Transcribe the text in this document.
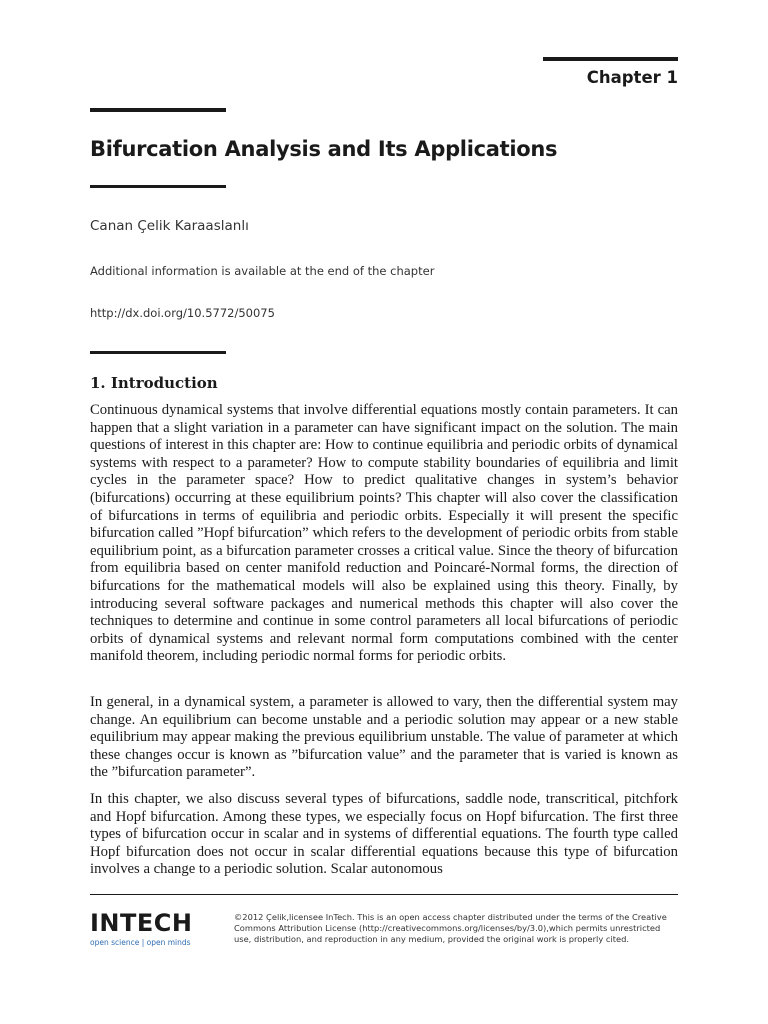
Chapter 1
Bifurcation Analysis and Its Applications
Canan Çelik Karaaslanlı
Additional information is available at the end of the chapter
http://dx.doi.org/10.5772/50075
1. Introduction

Continuous dynamical systems that involve differential equations mostly contain parameters. It can happen that a slight variation in a parameter can have significant impact on the solution. The main questions of interest in this chapter are: How to continue equilibria and periodic orbits of dynamical systems with respect to a parameter? How to compute stability boundaries of equilibria and limit cycles in the parameter space? How to predict qualitative changes in system’s behavior (bifurcations) occurring at these equilibrium points? This chapter will also cover the classification of bifurcations in terms of equilibria and periodic orbits. Especially it will present the specific bifurcation called ”Hopf bifurcation” which refers to the development of periodic orbits from stable equilibrium point, as a bifurcation parameter crosses a critical value. Since the theory of bifurcation from equilibria based on center manifold reduction and Poincaré-Normal forms, the direction of bifurcations for the mathematical models will also be explained using this theory. Finally, by introducing several software packages and numerical methods this chapter will also cover the techniques to determine and continue in some control parameters all local bifurcations of periodic orbits of dynamical systems and relevant normal form computations combined with the center manifold theorem, including periodic normal forms for periodic orbits.

In general, in a dynamical system, a parameter is allowed to vary, then the differential system may change. An equilibrium can become unstable and a periodic solution may appear or a new stable equilibrium may appear making the previous equilibrium unstable. The value of parameter at which these changes occur is known as ”bifurcation value” and the parameter that is varied is known as the ”bifurcation parameter”.

In this chapter, we also discuss several types of bifurcations, saddle node, transcritical, pitchfork and Hopf bifurcation. Among these types, we especially focus on Hopf bifurcation. The first three types of bifurcation occur in scalar and in systems of differential equations. The fourth type called Hopf bifurcation does not occur in scalar differential equations because this type of bifurcation involves a change to a periodic solution. Scalar autonomous

INTECH
open science | open minds
©2012 Çelik,licensee InTech. This is an open access chapter distributed under the terms of the Creative Commons Attribution License (http://creativecommons.org/licenses/by/3.0),which permits unrestricted use, distribution, and reproduction in any medium, provided the original work is properly cited.
